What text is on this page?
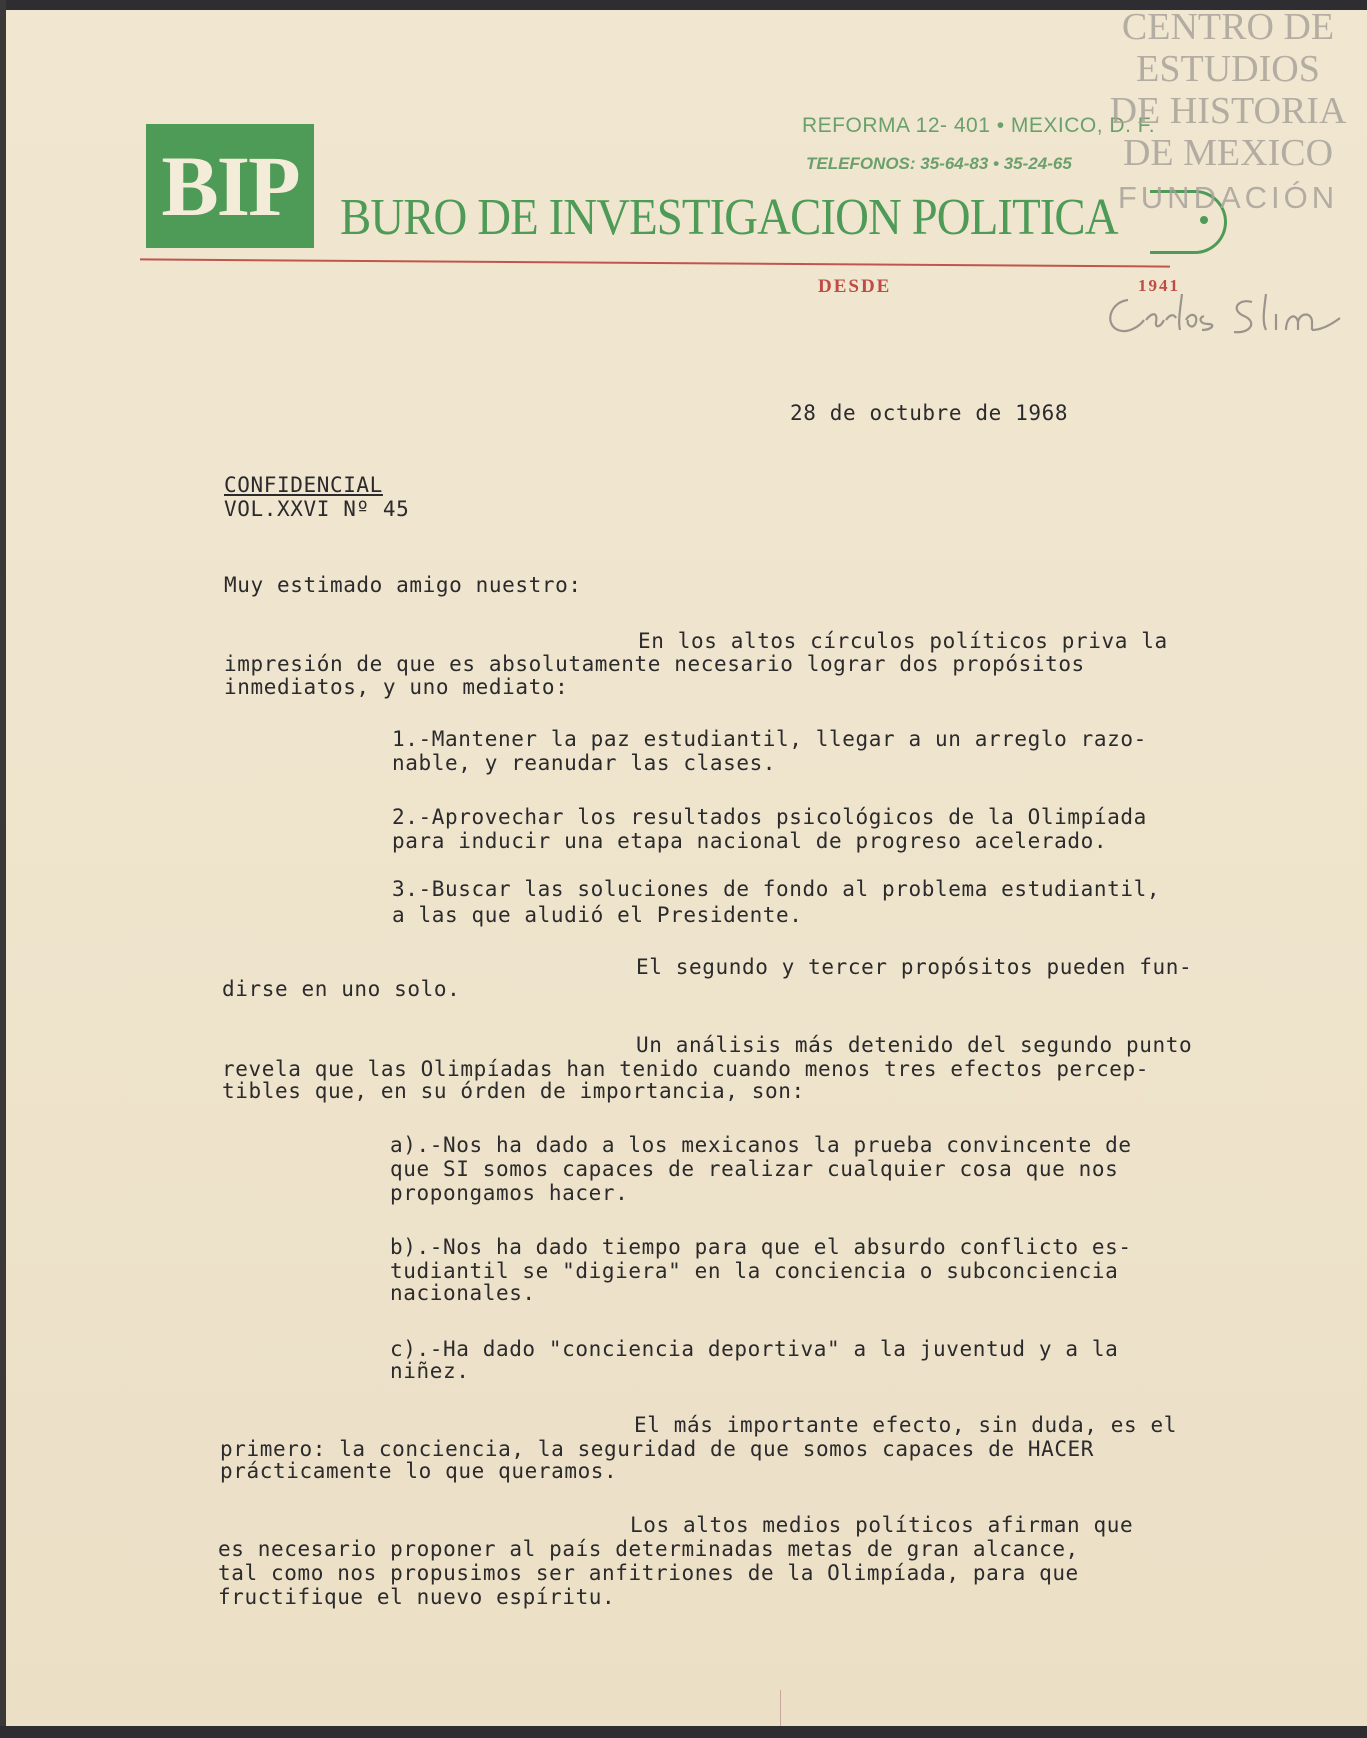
BIP
REFORMA 12- 401 • MEXICO, D. F.
TELEFONOS: 35-64-83 • 35-24-65
BURO DE INVESTIGACION POLITICA
DESDE	1941
CENTRO DE
ESTUDIOS
DE HISTORIA
DE MEXICO
FUNDACIÓN
28 de octubre de 1968
CONFIDENCIAL
VOL.XXVI Nº 45
Muy estimado amigo nuestro:
En los altos círculos políticos priva la
impresión de que es absolutamente necesario lograr dos propósitos
inmediatos, y uno mediato:
1.-Mantener la paz estudiantil, llegar a un arreglo razo-
nable, y reanudar las clases.
2.-Aprovechar los resultados psicológicos de la Olimpíada
para inducir una etapa nacional de progreso acelerado.
3.-Buscar las soluciones de fondo al problema estudiantil,
a las que aludió el Presidente.
El segundo y tercer propósitos pueden fun-
dirse en uno solo.
Un análisis más detenido del segundo punto
revela que las Olimpíadas han tenido cuando menos tres efectos percep-
tibles que, en su órden de importancia, son:
a).-Nos ha dado a los mexicanos la prueba convincente de
que SI somos capaces de realizar cualquier cosa que nos
propongamos hacer.
b).-Nos ha dado tiempo para que el absurdo conflicto es-
tudiantil se "digiera" en la conciencia o subconciencia
nacionales.
c).-Ha dado "conciencia deportiva" a la juventud y a la
niñez.
El más importante efecto, sin duda, es el
primero: la conciencia, la seguridad de que somos capaces de HACER
prácticamente lo que queramos.
Los altos medios políticos afirman que
es necesario proponer al país determinadas metas de gran alcance,
tal como nos propusimos ser anfitriones de la Olimpíada, para que
fructifique el nuevo espíritu.
